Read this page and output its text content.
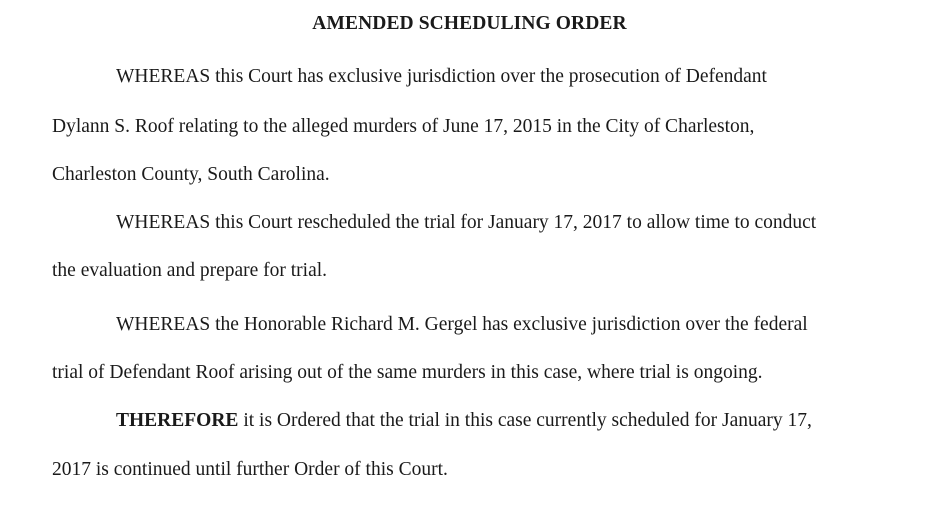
AMENDED SCHEDULING ORDER
WHEREAS this Court has exclusive jurisdiction over the prosecution of Defendant
Dylann S. Roof relating to the alleged murders of June 17, 2015 in the City of Charleston,
Charleston County, South Carolina.
WHEREAS this Court rescheduled the trial for January 17, 2017 to allow time to conduct
the evaluation and prepare for trial.
WHEREAS the Honorable Richard M. Gergel has exclusive jurisdiction over the federal
trial of Defendant Roof arising out of the same murders in this case, where trial is ongoing.
THEREFORE it is Ordered that the trial in this case currently scheduled for January 17,
2017 is continued until further Order of this Court.
